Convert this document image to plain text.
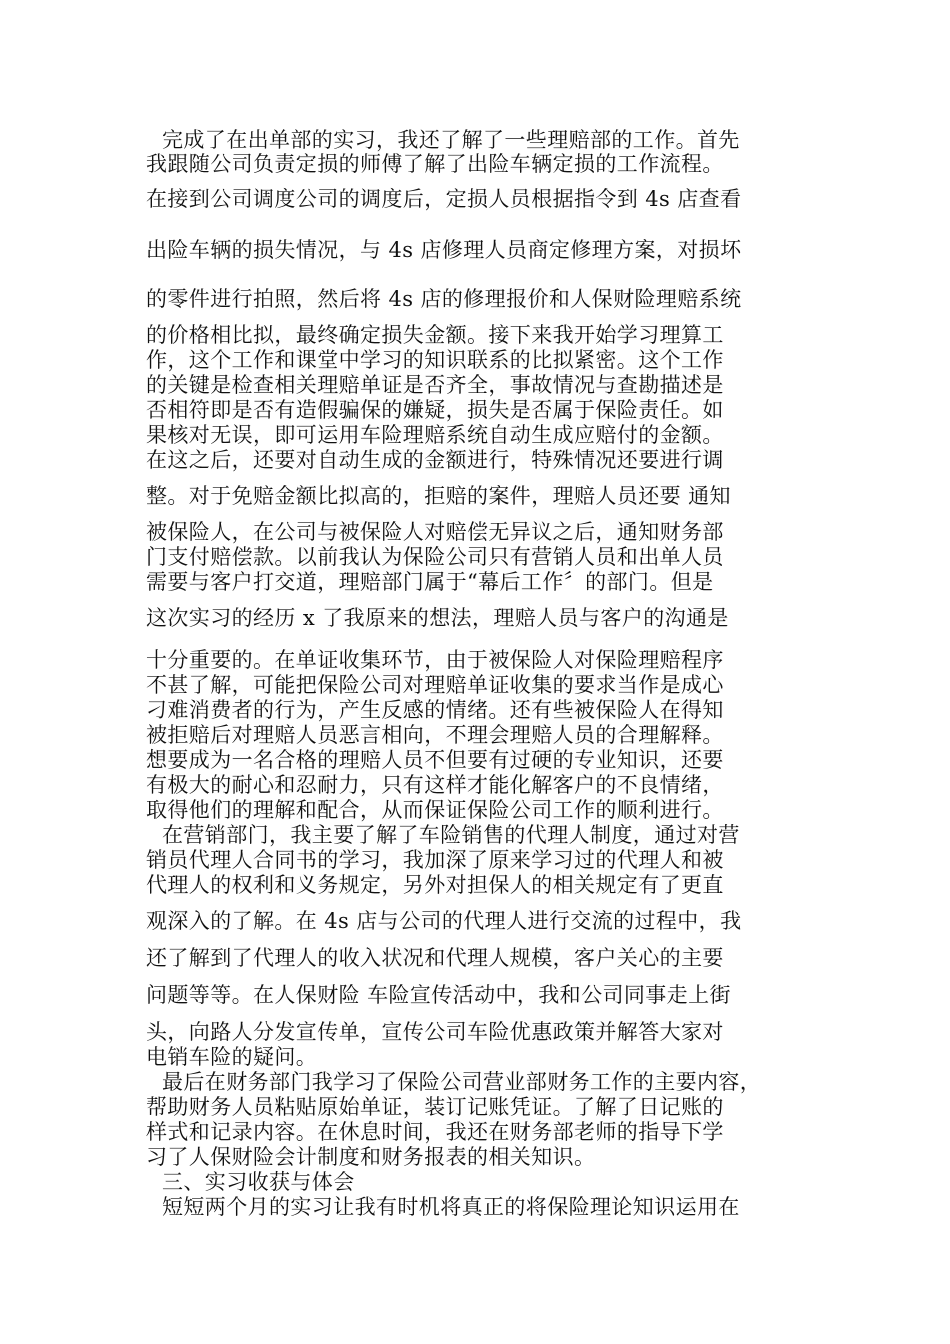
完成了在出单部的实习，我还了解了一些理赔部的工作。首先
我跟随公司负责定损的师傅了解了出险车辆定损的工作流程。
在接到公司调度公司的调度后，定损人员根据指令到 4s 店查看
出险车辆的损失情况，与 4s 店修理人员商定修理方案，对损坏
的零件进行拍照，然后将 4s 店的修理报价和人保财险理赔系统
的价格相比拟，最终确定损失金额。接下来我开始学习理算工
作，这个工作和课堂中学习的知识联系的比拟紧密。这个工作
的关键是检查相关理赔单证是否齐全，事故情况与查勘描述是
否相符即是否有造假骗保的嫌疑，损失是否属于保险责任。如
果核对无误，即可运用车险理赔系统自动生成应赔付的金额。
在这之后，还要对自动生成的金额进行，特殊情况还要进行调
整。对于免赔金额比拟高的，拒赔的案件，理赔人员还要 通知
被保险人，在公司与被保险人对赔偿无异议之后，通知财务部
门支付赔偿款。以前我认为保险公司只有营销人员和出单人员
需要与客户打交道，理赔部门属于“幕后工作〞的部门。但是
这次实习的经历 x 了我原来的想法，理赔人员与客户的沟通是
十分重要的。在单证收集环节，由于被保险人对保险理赔程序
不甚了解，可能把保险公司对理赔单证收集的要求当作是成心
刁难消费者的行为，产生反感的情绪。还有些被保险人在得知
被拒赔后对理赔人员恶言相向，不理会理赔人员的合理解释。
想要成为一名合格的理赔人员不但要有过硬的专业知识，还要
有极大的耐心和忍耐力，只有这样才能化解客户的不良情绪，
取得他们的理解和配合，从而保证保险公司工作的顺利进行。
在营销部门，我主要了解了车险销售的代理人制度，通过对营
销员代理人合同书的学习，我加深了原来学习过的代理人和被
代理人的权利和义务规定，另外对担保人的相关规定有了更直
观深入的了解。在 4s 店与公司的代理人进行交流的过程中，我
还了解到了代理人的收入状况和代理人规模，客户关心的主要
问题等等。在人保财险 车险宣传活动中，我和公司同事走上街
头，向路人分发宣传单，宣传公司车险优惠政策并解答大家对
电销车险的疑问。
最后在财务部门我学习了保险公司营业部财务工作的主要内容，
帮助财务人员粘贴原始单证，装订记账凭证。了解了日记账的
样式和记录内容。在休息时间，我还在财务部老师的指导下学
习了人保财险会计制度和财务报表的相关知识。
三、实习收获与体会
短短两个月的实习让我有时机将真正的将保险理论知识运用在
